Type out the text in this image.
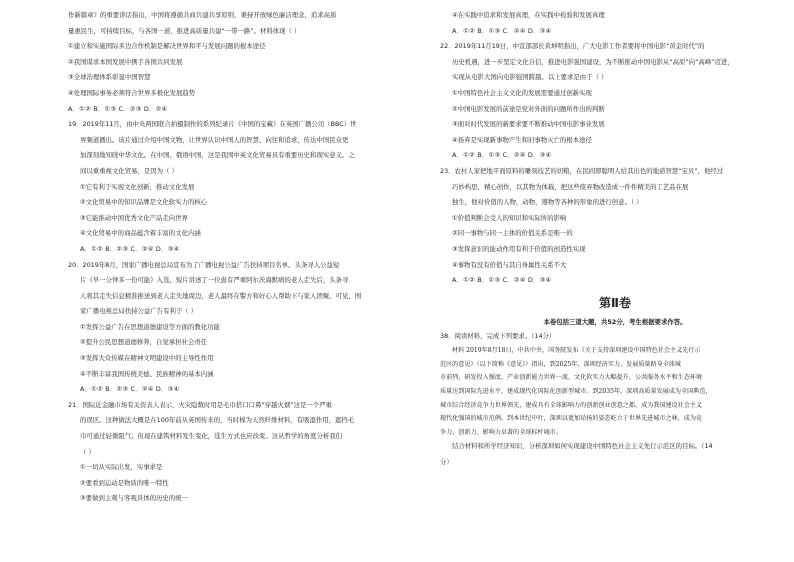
作新篇章》的重要讲话指出，中国将遵循共商共建共享原则，秉持开放绿色廉洁理念，追求高质
量惠民生，可持续目标，与各国一道，推进高质量共建“一带一路”。材料体现（ ）
①建立和实施国际多边合作机制是解决世界和平与发展问题的根本途径
②我国谋求本国发展中携手各国共同发展
③全球治理体系彰显中国智慧
④处理国际事务必须符合世界多极化发展趋势
A．①② B．①③ C．②③ D．②④
19．2019年11月，由中央两国联合拍摄制作的系列纪录片《中国的宝藏》在英国广播公司（BBC）世
界频道播出。该片通过介绍中国文物，让世界认识中国人的智慧、向往和追求，传达中国民众更
加深刻地知晓中华文化。在中国、俄语中国，这是我国中英文化贸易具有重要历史和现实意义。之
间以重重视文化贸易，是因为（ ）
①它有利于实现文化创新，推动文化发展
②文化贸易中的知识品牌是文化软实力的核心
③它能推动中国优秀文化产品走向世界
④文化贸易中的商品蕴含着丰富的文化内涵
A．①② B．②③ C．②④ D．③④
20．2019年8月，国家广播电视总局宣布为了广播电视公益广告扶持项目名单。头条寻人公益短
片《早一分钟多一份可能》入选，短片讲述了一位患有严重阿尔茨海默病的老人走失后，头条寻
人将其走失信息精准推送到老人走失地周边，老人最终在警方和好心人帮助下与家人团聚。可见，国
家广播电视总局扶持公益广告有利于（ ）
①发挥公益广告在思想道德建设等方面的教化功能
②提升公民思想道德修养，自觉承担社会责任
③发挥大众传媒在精神文明建设中的主导性作用
④不断丰富我国传统美德、民族精神的基本内涵
A．①② B．②③ C．②④ D．③④
21．国际近金融市场有关资表人表示，火灾隐数时用是毛巾搭口口鼻“穿越火烟”这是一个严重
的误区。这种做法大概是在100年前从英国传来的，当时棉为天然纤维材料，有吸湿作用，遮挡毛
巾可通过轻微阻气；但现在建筑材料发生变化，选生方式也应改变。这从哲学的角度分析我们
（ ）
①一切从实际出发，实事求是
②要看到运动是物质的唯一特性
③要做到主观与客观具体的历史的统一
④在实践中追求和发展真理，在实践中检验和发展真理
A．①② B．①③ C．②④ D．③④
22．2019年11月19日，中宣部部长黄坤明指出，广大电影工作者要将中国电影“黄金时代”的
历史机遇，进一步坚定文化自信，推进电影强国建设，为不断推动中国电影从“高原”向“高峰”迈进，
实现从电影大国向电影强国跨越。以上要求是由于（ ）
①中国特色社会主义文化的发展需要通过创新实现
②中国电影发展的前途是党对外面的问题所作出的判断
③面对时代发展的新要求要不断推动中国电影事业发展
④扬弃是实现新事物产生和旧事物灭亡的根本途径
A．①② B．①③ C．②④ D．③④
23．农村人家把地平面原料的雕刻技艺的切粮，在民间即聪明人给其出色的地道智慧“宝贝”，他经过
巧妙构思，精心创作，以其物为体载，把这些废弃物改造成一件件精美的工艺品在展
独生，他对价值的人物，动物，器物等各种的形象的进行创意。（ ）
①价值判断会受人的知识和实际所的影响
②同一事物与同一主体的价值关系是唯一的
③发挥意识的能动作用有利于价值的创造性实现
④事物有没有价值与其自身属性关系不大
A．①② B．①③ C．②④ D．③④
第Ⅱ卷
本卷包括三道大题，共52分，考生根据要求作答。
38．阅读材料，完成下列要求。（14分）
材料 2019年8月18日，中共中央、国务院发布《关于支持深圳建设中国特色社会主义先行示
范区的意见》（以下简称《意见》）指出，到2025年，深圳经济实力、发展质量跻身全球城
市前列，研发投入强度、产业创新能力世界一流，文化软实力大幅提升，公共服务水平和生态环境
质量达到国际先进水平，建成现代化国际化创新型城市。到2035年，深圳高质量发展成为全国典范，
城市综合经济竞争力世界领先，建成具有全球影响力的创新创业创意之都，成为我国建设社会主义
现代化强国的城市范例。到本世纪中叶，深圳以更加昂扬的姿态屹立于世界先进城市之林，成为竞
争力、创新力、影响力卓著的全球标杆城市。
结合材料和所学经济知识，分析深圳如何实现建设中国特色社会主义先行示范区的目标。（14
分）
